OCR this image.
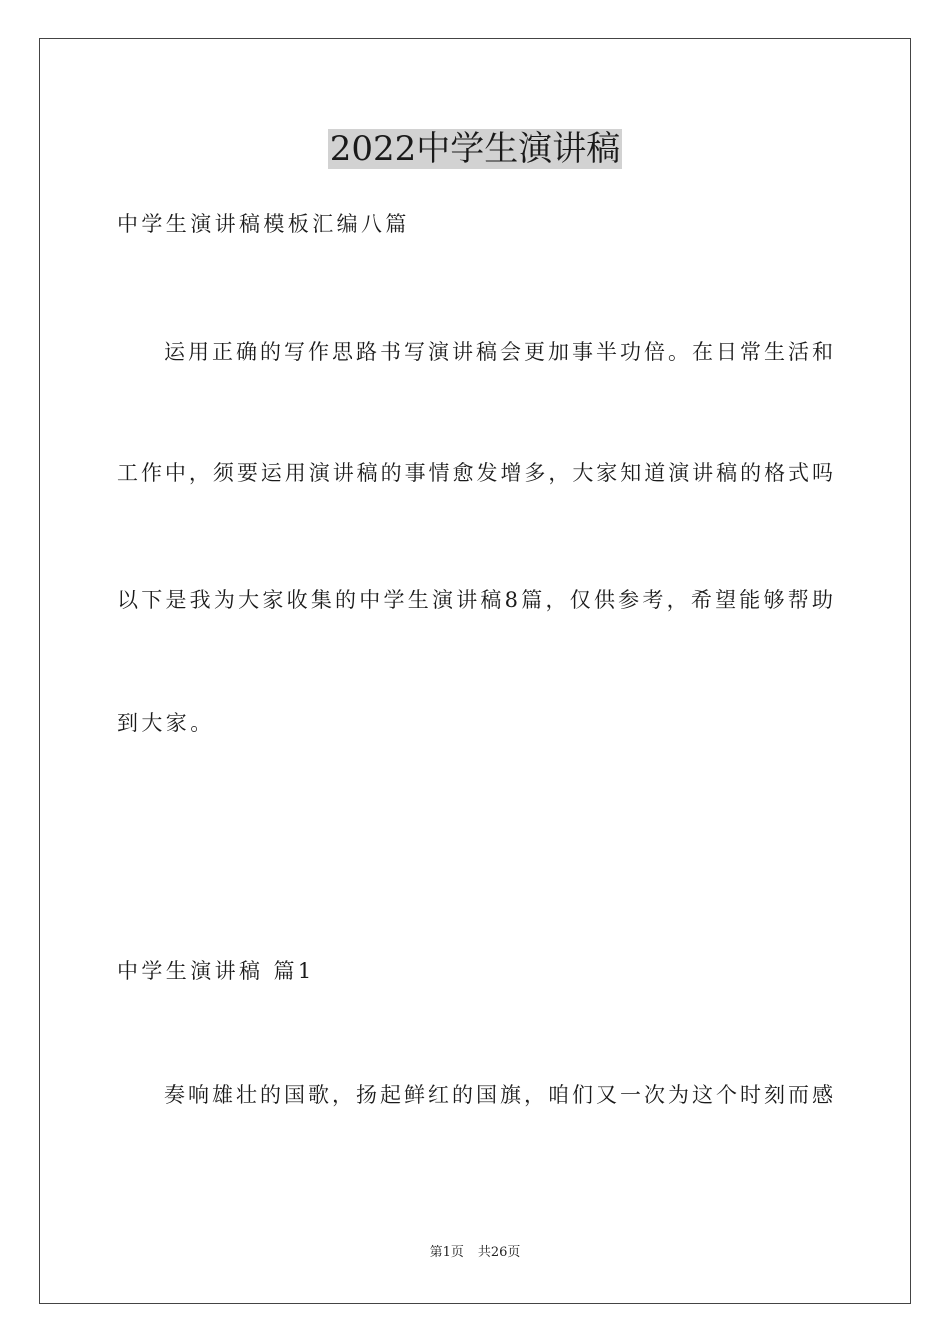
2022中学生演讲稿

中学生演讲稿模板汇编八篇

运用正确的写作思路书写演讲稿会更加事半功倍。在日常生活和

工作中，须要运用演讲稿的事情愈发增多，大家知道演讲稿的格式吗

以下是我为大家收集的中学生演讲稿8篇，仅供参考，希望能够帮助

到大家。

中学生演讲稿 篇1

奏响雄壮的国歌，扬起鲜红的国旗，咱们又一次为这个时刻而感

第1页 共26页
